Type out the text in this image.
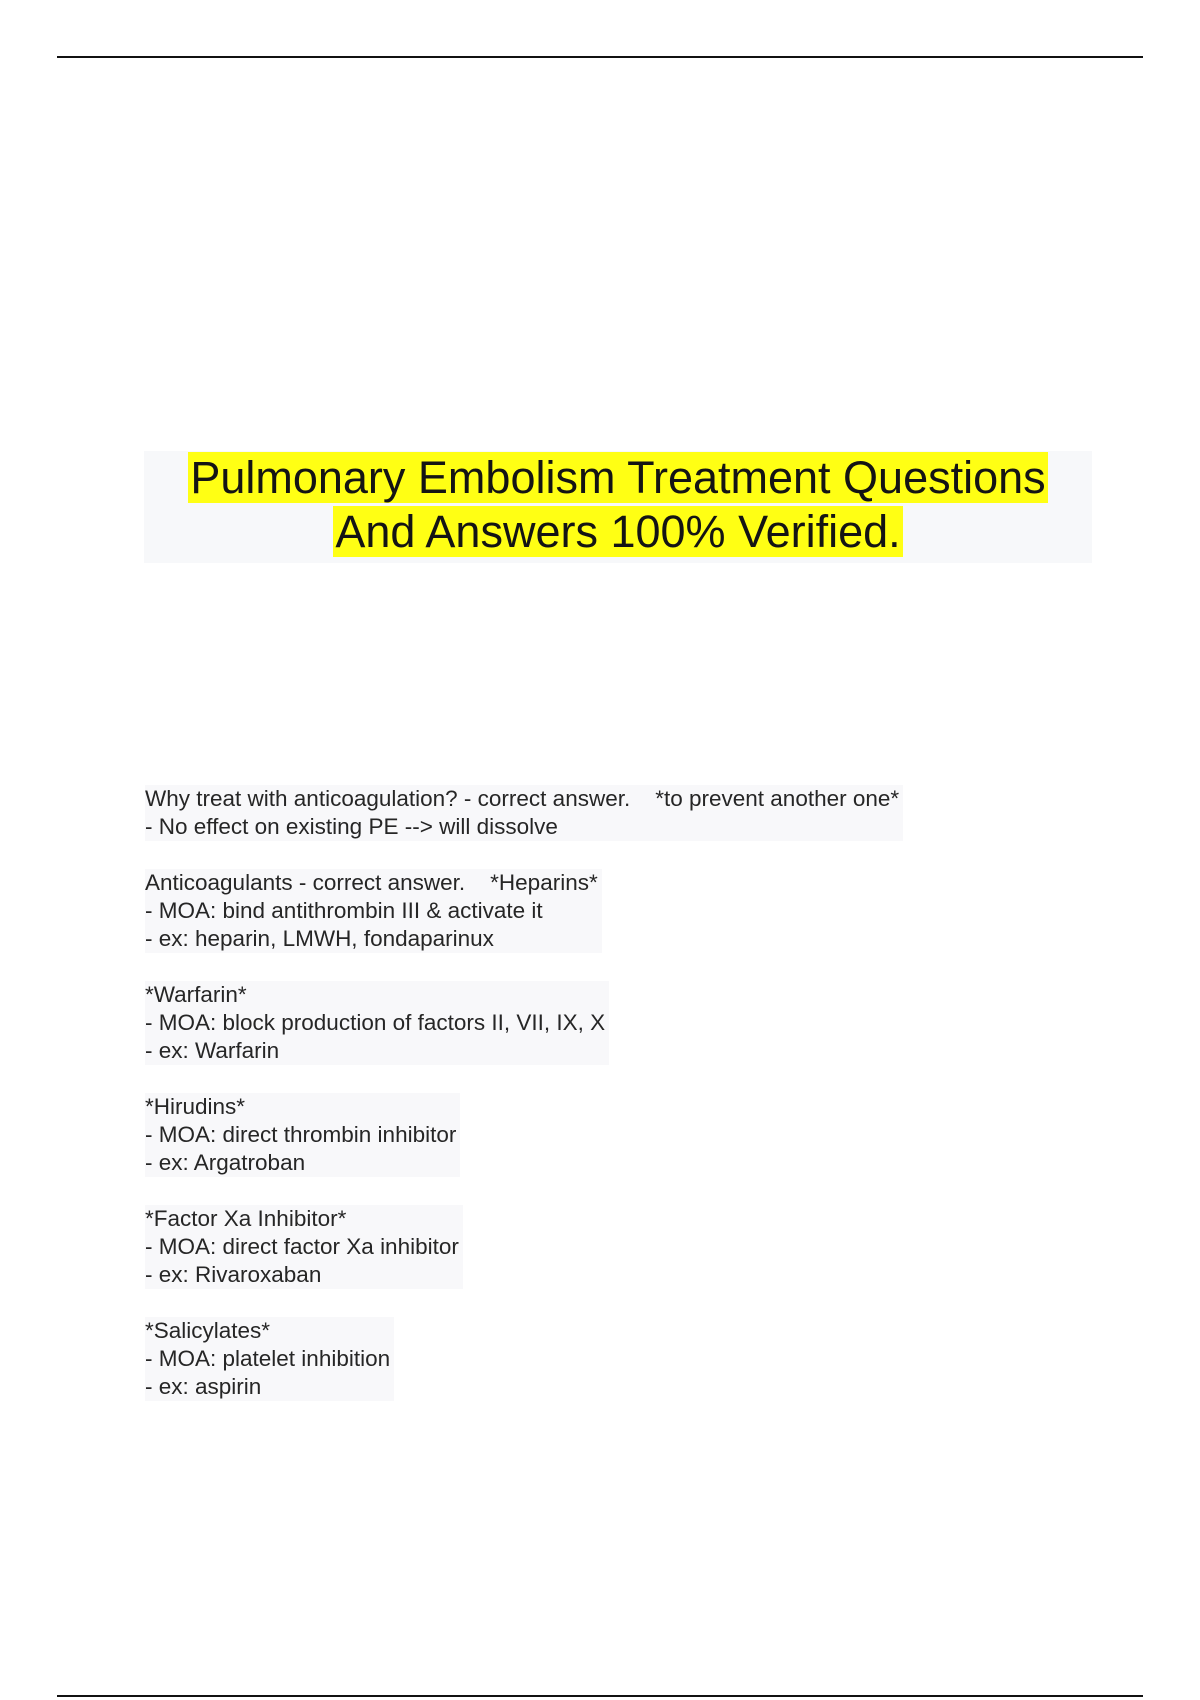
Pulmonary Embolism Treatment Questions
And Answers 100% Verified.
Why treat with anticoagulation? - correct answer.    *to prevent another one*
- No effect on existing PE --> will dissolve
Anticoagulants - correct answer.    *Heparins*
- MOA: bind antithrombin III & activate it
- ex: heparin, LMWH, fondaparinux
*Warfarin*
- MOA: block production of factors II, VII, IX, X
- ex: Warfarin
*Hirudins*
- MOA: direct thrombin inhibitor
- ex: Argatroban
*Factor Xa Inhibitor*
- MOA: direct factor Xa inhibitor
- ex: Rivaroxaban
*Salicylates*
- MOA: platelet inhibition
- ex: aspirin
